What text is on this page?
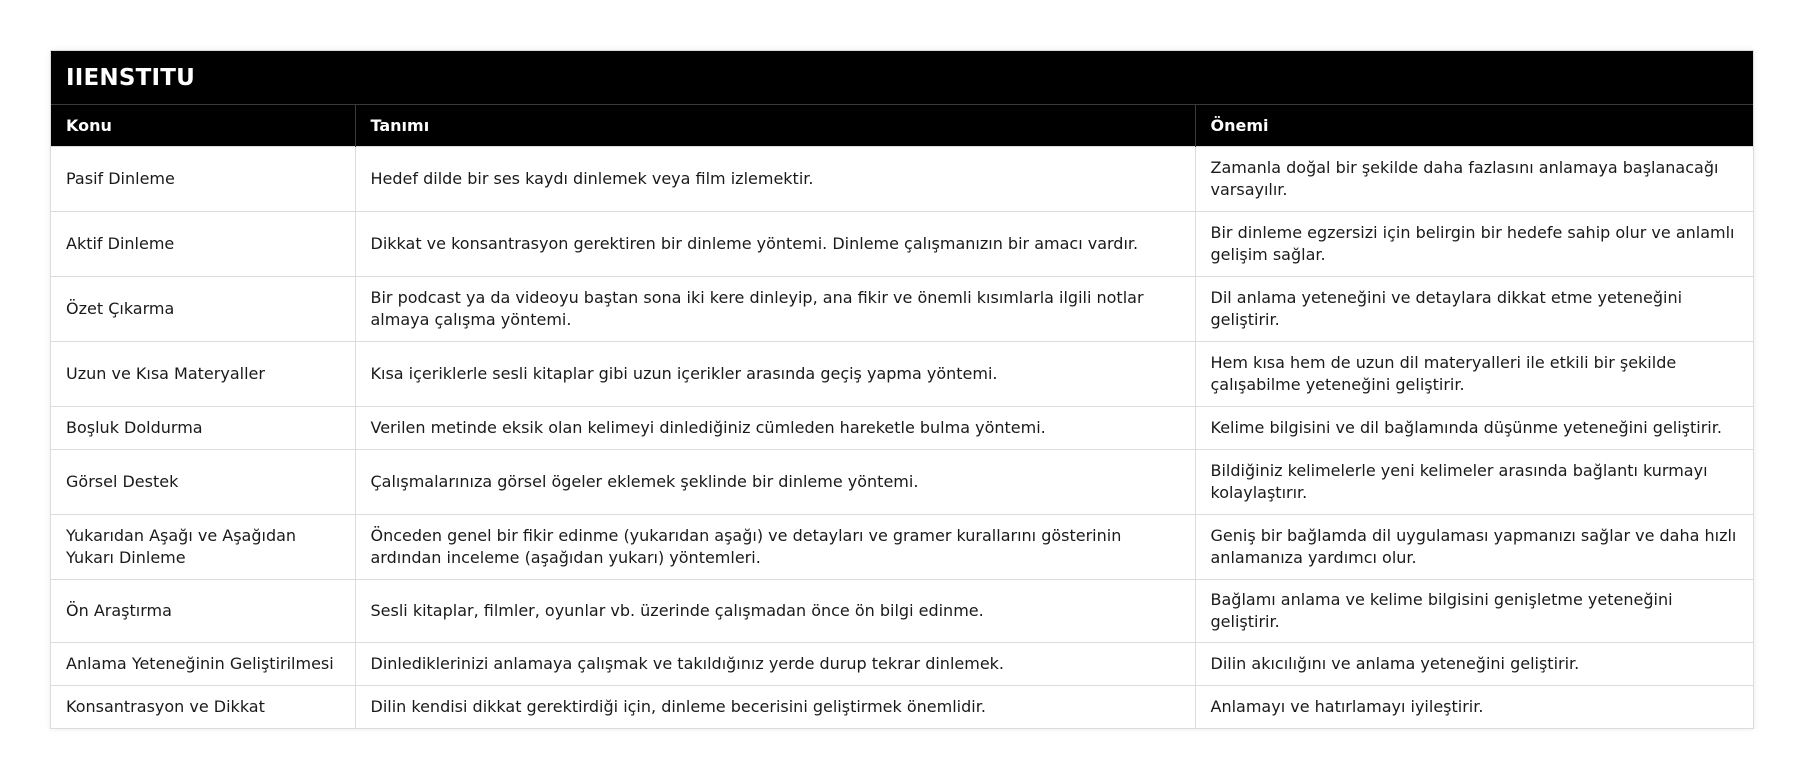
IIENSTITU
Konu	Tanımı	Önemi
Pasif Dinleme	Hedef dilde bir ses kaydı dinlemek veya film izlemektir.	Zamanla doğal bir şekilde daha fazlasını anlamaya başlanacağı varsayılır.
Aktif Dinleme	Dikkat ve konsantrasyon gerektiren bir dinleme yöntemi. Dinleme çalışmanızın bir amacı vardır.	Bir dinleme egzersizi için belirgin bir hedefe sahip olur ve anlamlı gelişim sağlar.
Özet Çıkarma	Bir podcast ya da videoyu baştan sona iki kere dinleyip, ana fikir ve önemli kısımlarla ilgili notlar almaya çalışma yöntemi.	Dil anlama yeteneğini ve detaylara dikkat etme yeteneğini geliştirir.
Uzun ve Kısa Materyaller	Kısa içeriklerle sesli kitaplar gibi uzun içerikler arasında geçiş yapma yöntemi.	Hem kısa hem de uzun dil materyalleri ile etkili bir şekilde çalışabilme yeteneğini geliştirir.
Boşluk Doldurma	Verilen metinde eksik olan kelimeyi dinlediğiniz cümleden hareketle bulma yöntemi.	Kelime bilgisini ve dil bağlamında düşünme yeteneğini geliştirir.
Görsel Destek	Çalışmalarınıza görsel ögeler eklemek şeklinde bir dinleme yöntemi.	Bildiğiniz kelimelerle yeni kelimeler arasında bağlantı kurmayı kolaylaştırır.
Yukarıdan Aşağı ve Aşağıdan Yukarı Dinleme	Önceden genel bir fikir edinme (yukarıdan aşağı) ve detayları ve gramer kurallarını gösterinin ardından inceleme (aşağıdan yukarı) yöntemleri.	Geniş bir bağlamda dil uygulaması yapmanızı sağlar ve daha hızlı anlamanıza yardımcı olur.
Ön Araştırma	Sesli kitaplar, filmler, oyunlar vb. üzerinde çalışmadan önce ön bilgi edinme.	Bağlamı anlama ve kelime bilgisini genişletme yeteneğini geliştirir.
Anlama Yeteneğinin Geliştirilmesi	Dinlediklerinizi anlamaya çalışmak ve takıldığınız yerde durup tekrar dinlemek.	Dilin akıcılığını ve anlama yeteneğini geliştirir.
Konsantrasyon ve Dikkat	Dilin kendisi dikkat gerektirdiği için, dinleme becerisini geliştirmek önemlidir.	Anlamayı ve hatırlamayı iyileştirir.
